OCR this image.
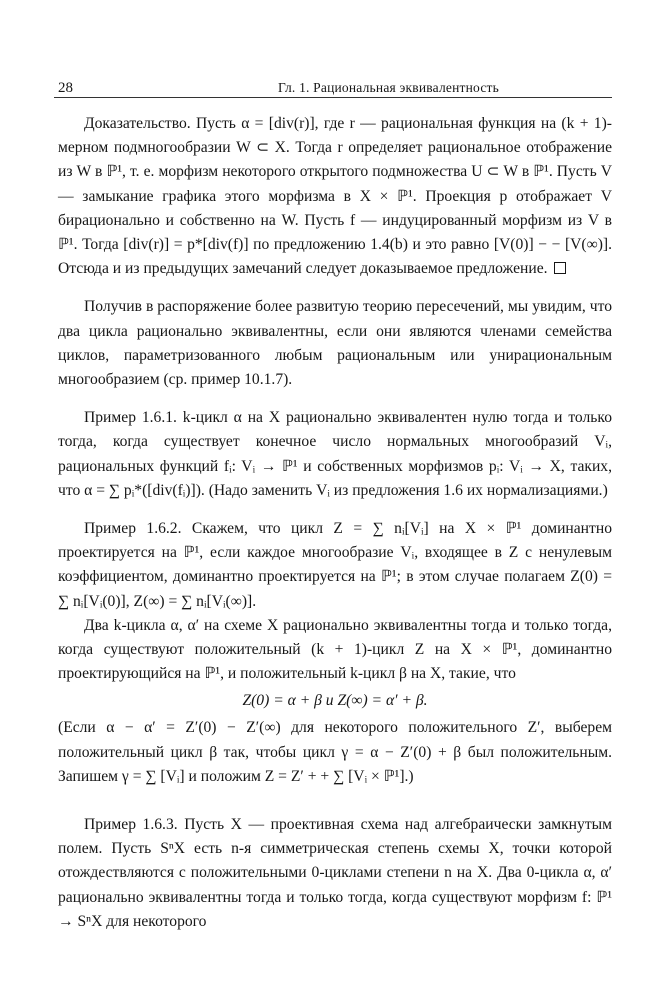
28	Гл. 1. Рациональная эквивалентность

Доказательство. Пусть α = [div(r)], где r — рациональная функция на (k + 1)-мерном подмногообразии W ⊂ X. Тогда r определяет рациональное отображение из W в ℙ¹, т. е. морфизм некоторого открытого подмножества U ⊂ W в ℙ¹. Пусть V — замыкание графика этого морфизма в X × ℙ¹. Проекция p отображает V бирационально и собственно на W. Пусть f — индуцированный морфизм из V в ℙ¹. Тогда [div(r)] = p*[div(f)] по предложению 1.4(b) и это равно [V(0)] − − [V(∞)]. Отсюда и из предыдущих замечаний следует доказываемое предложение.

Получив в распоряжение более развитую теорию пересечений, мы увидим, что два цикла рационально эквивалентны, если они являются членами семейства циклов, параметризованного любым рациональным или унирациональным многообразием (ср. пример 10.1.7).

Пример 1.6.1. k-цикл α на X рационально эквивалентен нулю тогда и только тогда, когда существует конечное число нормальных многообразий Vᵢ, рациональных функций fᵢ: Vᵢ → ℙ¹ и собственных морфизмов pᵢ: Vᵢ → X, таких, что α = ∑ pᵢ*([div(fᵢ)]). (Надо заменить Vᵢ из предложения 1.6 их нормализациями.)

Пример 1.6.2. Скажем, что цикл Z = ∑ nᵢ[Vᵢ] на X × ℙ¹ доминантно проектируется на ℙ¹, если каждое многообразие Vᵢ, входящее в Z с ненулевым коэффициентом, доминантно проектируется на ℙ¹; в этом случае полагаем Z(0) = ∑ nᵢ[Vᵢ(0)], Z(∞) = ∑ nᵢ[Vᵢ(∞)].

Два k-цикла α, α′ на схеме X рационально эквивалентны тогда и только тогда, когда существуют положительный (k + 1)-цикл Z на X × ℙ¹, доминантно проектирующийся на ℙ¹, и положительный k-цикл β на X, такие, что

Z(0) = α + β и Z(∞) = α′ + β.

(Если α − α′ = Z′(0) − Z′(∞) для некоторого положительного Z′, выберем положительный цикл β так, чтобы цикл γ = α − Z′(0) + β был положительным. Запишем γ = ∑ [Vᵢ] и положим Z = Z′ + + ∑ [Vᵢ × ℙ¹].)

Пример 1.6.3. Пусть X — проективная схема над алгебраически замкнутым полем. Пусть SⁿX есть n-я симметрическая степень схемы X, точки которой отождествляются с положительными 0-циклами степени n на X. Два 0-цикла α, α′ рационально эквивалентны тогда и только тогда, когда существуют морфизм f: ℙ¹ → SⁿX для некоторого
